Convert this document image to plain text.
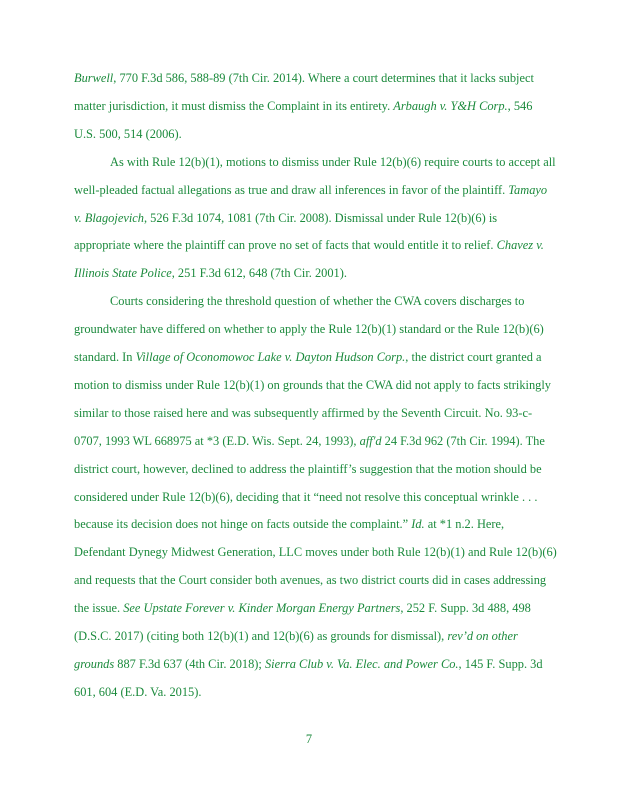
Burwell, 770 F.3d 586, 588-89 (7th Cir. 2014). Where a court determines that it lacks subject
matter jurisdiction, it must dismiss the Complaint in its entirety. Arbaugh v. Y&H Corp., 546
U.S. 500, 514 (2006).
As with Rule 12(b)(1), motions to dismiss under Rule 12(b)(6) require courts to accept all
well-pleaded factual allegations as true and draw all inferences in favor of the plaintiff. Tamayo
v. Blagojevich, 526 F.3d 1074, 1081 (7th Cir. 2008). Dismissal under Rule 12(b)(6) is
appropriate where the plaintiff can prove no set of facts that would entitle it to relief. Chavez v.
Illinois State Police, 251 F.3d 612, 648 (7th Cir. 2001).
Courts considering the threshold question of whether the CWA covers discharges to
groundwater have differed on whether to apply the Rule 12(b)(1) standard or the Rule 12(b)(6)
standard. In Village of Oconomowoc Lake v. Dayton Hudson Corp., the district court granted a
motion to dismiss under Rule 12(b)(1) on grounds that the CWA did not apply to facts strikingly
similar to those raised here and was subsequently affirmed by the Seventh Circuit. No. 93-c-
0707, 1993 WL 668975 at *3 (E.D. Wis. Sept. 24, 1993), aff'd 24 F.3d 962 (7th Cir. 1994). The
district court, however, declined to address the plaintiff’s suggestion that the motion should be
considered under Rule 12(b)(6), deciding that it “need not resolve this conceptual wrinkle . . .
because its decision does not hinge on facts outside the complaint.” Id. at *1 n.2. Here,
Defendant Dynegy Midwest Generation, LLC moves under both Rule 12(b)(1) and Rule 12(b)(6)
and requests that the Court consider both avenues, as two district courts did in cases addressing
the issue. See Upstate Forever v. Kinder Morgan Energy Partners, 252 F. Supp. 3d 488, 498
(D.S.C. 2017) (citing both 12(b)(1) and 12(b)(6) as grounds for dismissal), rev’d on other
grounds 887 F.3d 637 (4th Cir. 2018); Sierra Club v. Va. Elec. and Power Co., 145 F. Supp. 3d
601, 604 (E.D. Va. 2015).
7
